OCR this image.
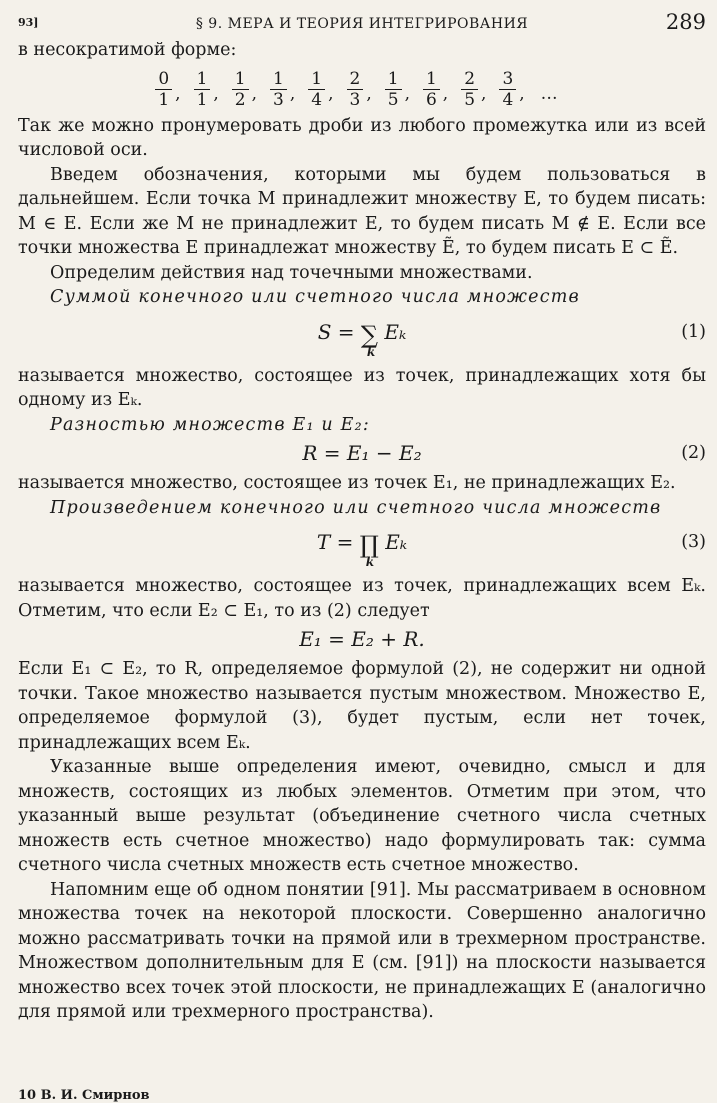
93]	§ 9. МЕРА И ТЕОРИЯ ИНТЕГРИРОВАНИЯ	289

в несократимой форме:

$\frac{0}{1}$ , $\frac{1}{1}$ , $\frac{1}{2}$ , $\frac{1}{3}$ , $\frac{1}{4}$ , $\frac{2}{3}$ , $\frac{1}{5}$ , $\frac{1}{6}$ , $\frac{2}{5}$ , $\frac{3}{4}$ , …

Так же можно пронумеровать дроби из любого промежутка или из всей числовой оси.

Введем обозначения, которыми мы будем пользоваться в дальнейшем. Если точка M принадлежит множеству E, то будем писать: M ∈ E. Если же M не принадлежит E, то будем писать M ∉ E. Если все точки множества E принадлежат множеству Ẽ, то будем писать E ⊂ Ẽ.

Определим действия над точечными множествами.

Суммой конечного или счетного числа множеств

S = ∑
k
Eₖ	(1)

называется множество, состоящее из точек, принадлежащих хотя бы одному из Eₖ.

Разностью множеств E₁ и E₂:

R = E₁ − E₂	(2)

называется множество, состоящее из точек E₁, не принадлежащих E₂.

Произведением конечного или счетного числа множеств

T = ∏
k
Eₖ	(3)

называется множество, состоящее из точек, принадлежащих всем Eₖ. Отметим, что если E₂ ⊂ E₁, то из (2) следует

E₁ = E₂ + R.

Если E₁ ⊂ E₂, то R, определяемое формулой (2), не содержит ни одной точки. Такое множество называется пустым множеством. Множество E, определяемое формулой (3), будет пустым, если нет точек, принадлежащих всем Eₖ.

Указанные выше определения имеют, очевидно, смысл и для множеств, состоящих из любых элементов. Отметим при этом, что указанный выше результат (объединение счетного числа счетных множеств есть счетное множество) надо формулировать так: сумма счетного числа счетных множеств есть счетное множество.

Напомним еще об одном понятии [91]. Мы рассматриваем в основном множества точек на некоторой плоскости. Совершенно аналогично можно рассматривать точки на прямой или в трехмерном пространстве. Множеством дополнительным для E (см. [91]) на плоскости называется множество всех точек этой плоскости, не принадлежащих E (аналогично для прямой или трехмерного пространства).

10 В. И. Смирнов
